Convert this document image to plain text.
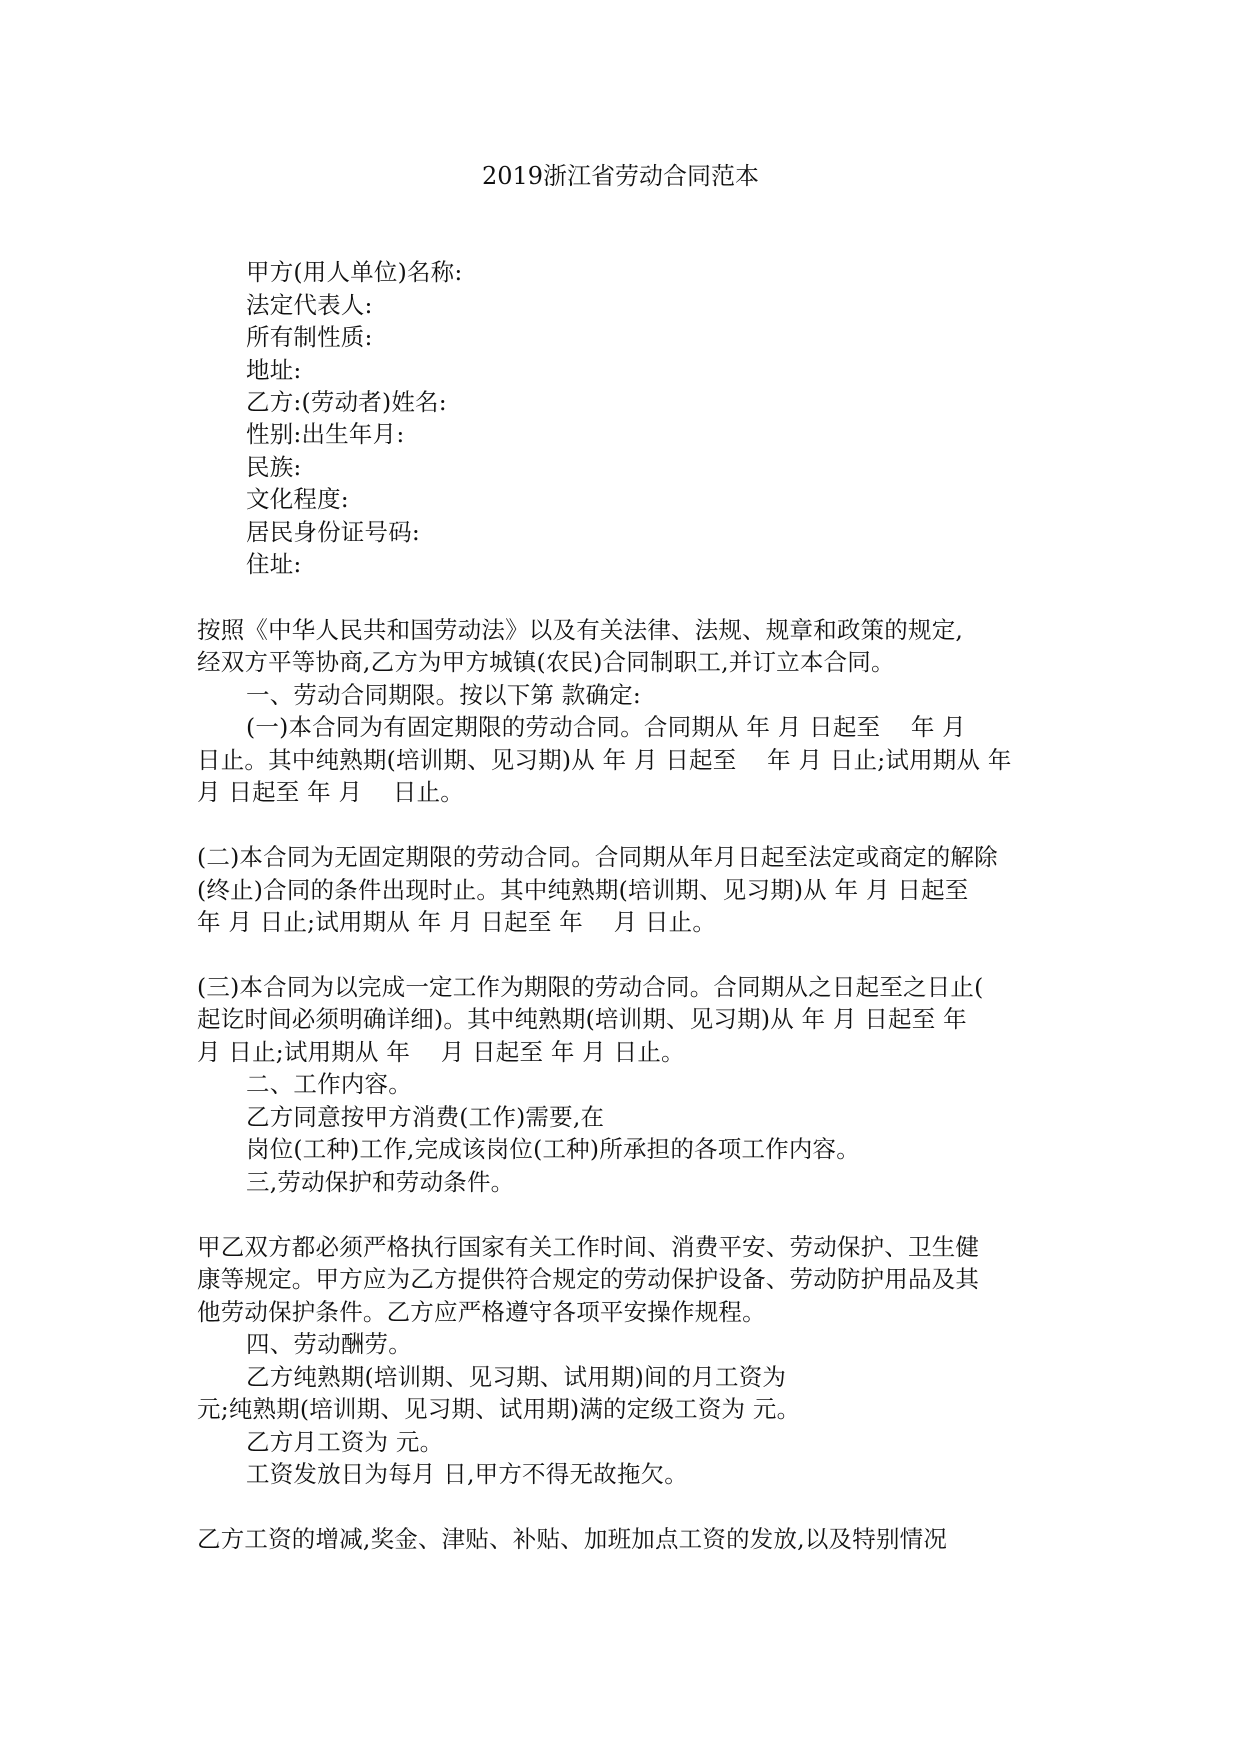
2019浙江省劳动合同范本
甲方(用人单位)名称:
法定代表人:
所有制性质:
地址:
乙方:(劳动者)姓名:
性别:出生年月:
民族:
文化程度:
居民身份证号码:
住址:
按照《中华人民共和国劳动法》以及有关法律、法规、规章和政策的规定,
经双方平等协商,乙方为甲方城镇(农民)合同制职工,并订立本合同。
一、劳动合同期限。按以下第 款确定:
(一)本合同为有固定期限的劳动合同。合同期从 年 月 日起至    年 月
日止。其中纯熟期(培训期、见习期)从 年 月 日起至    年 月 日止;试用期从 年
月 日起至 年 月    日止。
(二)本合同为无固定期限的劳动合同。合同期从年月日起至法定或商定的解除
(终止)合同的条件出现时止。其中纯熟期(培训期、见习期)从 年 月 日起至
年 月 日止;试用期从 年 月 日起至 年    月 日止。
(三)本合同为以完成一定工作为期限的劳动合同。合同期从之日起至之日止(
起讫时间必须明确详细)。其中纯熟期(培训期、见习期)从 年 月 日起至 年
月 日止;试用期从 年    月 日起至 年 月 日止。
二、工作内容。
乙方同意按甲方消费(工作)需要,在
岗位(工种)工作,完成该岗位(工种)所承担的各项工作内容。
三,劳动保护和劳动条件。
甲乙双方都必须严格执行国家有关工作时间、消费平安、劳动保护、卫生健
康等规定。甲方应为乙方提供符合规定的劳动保护设备、劳动防护用品及其
他劳动保护条件。乙方应严格遵守各项平安操作规程。
四、劳动酬劳。
乙方纯熟期(培训期、见习期、试用期)间的月工资为
元;纯熟期(培训期、见习期、试用期)满的定级工资为 元。
乙方月工资为 元。
工资发放日为每月 日,甲方不得无故拖欠。
乙方工资的增减,奖金、津贴、补贴、加班加点工资的发放,以及特别情况
